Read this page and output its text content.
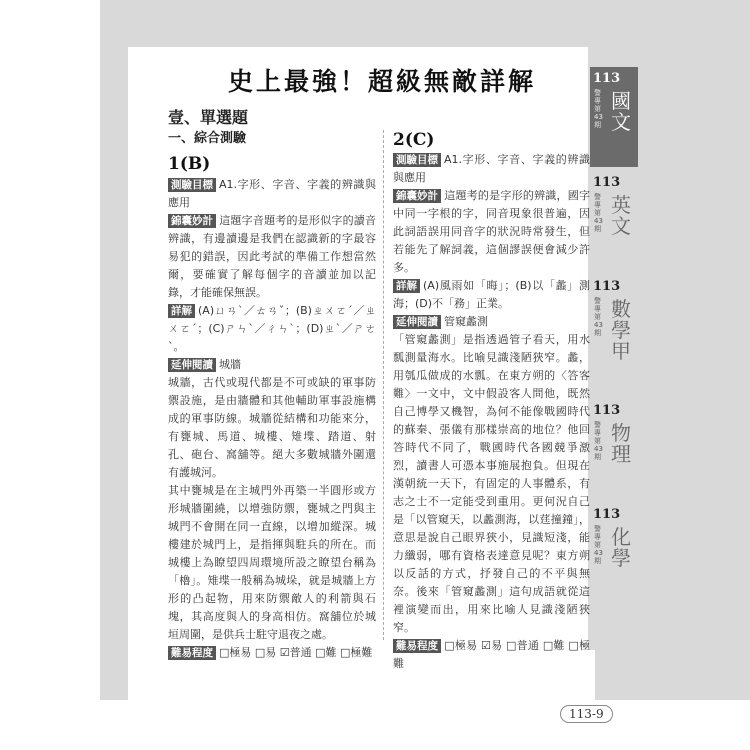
113
警專 第43期
國文
113
警專 第43期
英文
113
警專 第43期
數學甲
113
警專 第43期
物理
113
警專 第43期
化學
史上最強！超級無敵詳解
壹、單選題
一、綜合測驗
1(B)

測驗目標 A1.字形、字音、字義的辨識與應用

錦囊妙計 這題字音題考的是形似字的讀音辨識，有邊讀邊是我們在認識新的字最容易犯的錯誤，因此考試的準備工作想當然爾，要確實了解每個字的音讀並加以記錄，才能確保無誤。

詳解 (A)ㄩㄢˋ／ㄊㄢˇ；(B)ㄓㄨㄛˊ／ㄓㄨㄛˊ；(C)ㄕㄣˋ／ㄔㄣˋ；(D)ㄓˋ／ㄕㄜˋ。

延伸閱讀 城牆

城牆，古代或現代都是不可或缺的軍事防禦設施，是由牆體和其他輔助軍事設施構成的軍事防線。城牆從結構和功能來分，有甕城、馬道、城樓、雉堞、踏道、射孔、砲台、窩舖等。絕大多數城牆外圍還有護城河。

其中甕城是在主城門外再築一半圓形或方形城牆圍繞，以增強防禦，甕城之門與主城門不會開在同一直線，以增加縱深。城樓建於城門上，是指揮與駐兵的所在。而城樓上為瞭望四周環境所設之瞭望台稱為「櫓」。雉堞一般稱為城垛，就是城牆上方形的凸起物，用來防禦敵人的利箭與石塊，其高度與人的身高相仿。窩舖位於城垣周圍，是供兵士駐守退夜之處。

難易程度 □極易 □易 ☑普通 □難 □極難

2(C)

測驗目標 A1.字形、字音、字義的辨識與應用

錦囊妙計 這題考的是字形的辨識，國字中同一字根的字，同音現象很普遍，因此詞語誤用同音字的狀況時常發生，但若能先了解詞義，這個謬誤便會減少許多。

詳解 (A)風雨如「晦」；(B)以「蠡」測海；(D)不「務」正業。

延伸閱讀 管窺蠡測

「管窺蠡測」是指透過管子看天，用水瓢測量海水。比喻見識淺陋狹窄。蠡，用瓠瓜做成的水瓢。在東方朔的〈答客難〉一文中，文中假設客人問他，既然自己博學又機智，為何不能像戰國時代的蘇秦、張儀有那樣崇高的地位？他回答時代不同了，戰國時代各國競爭激烈，讀書人可憑本事施展抱負。但現在漢朝統一天下，有固定的人事體系，有志之士不一定能受到重用。更何況自己是「以管窺天，以蠡測海，以莛撞鐘」，意思是說自己眼界狹小，見識短淺，能力纖弱，哪有資格表達意見呢？東方朔以反話的方式，抒發自己的不平與無奈。後來「管窺蠡測」這句成語就從這裡演變而出，用來比喻人見識淺陋狹窄。

難易程度 □極易 ☑易 □普通 □難 □極難

113-9
